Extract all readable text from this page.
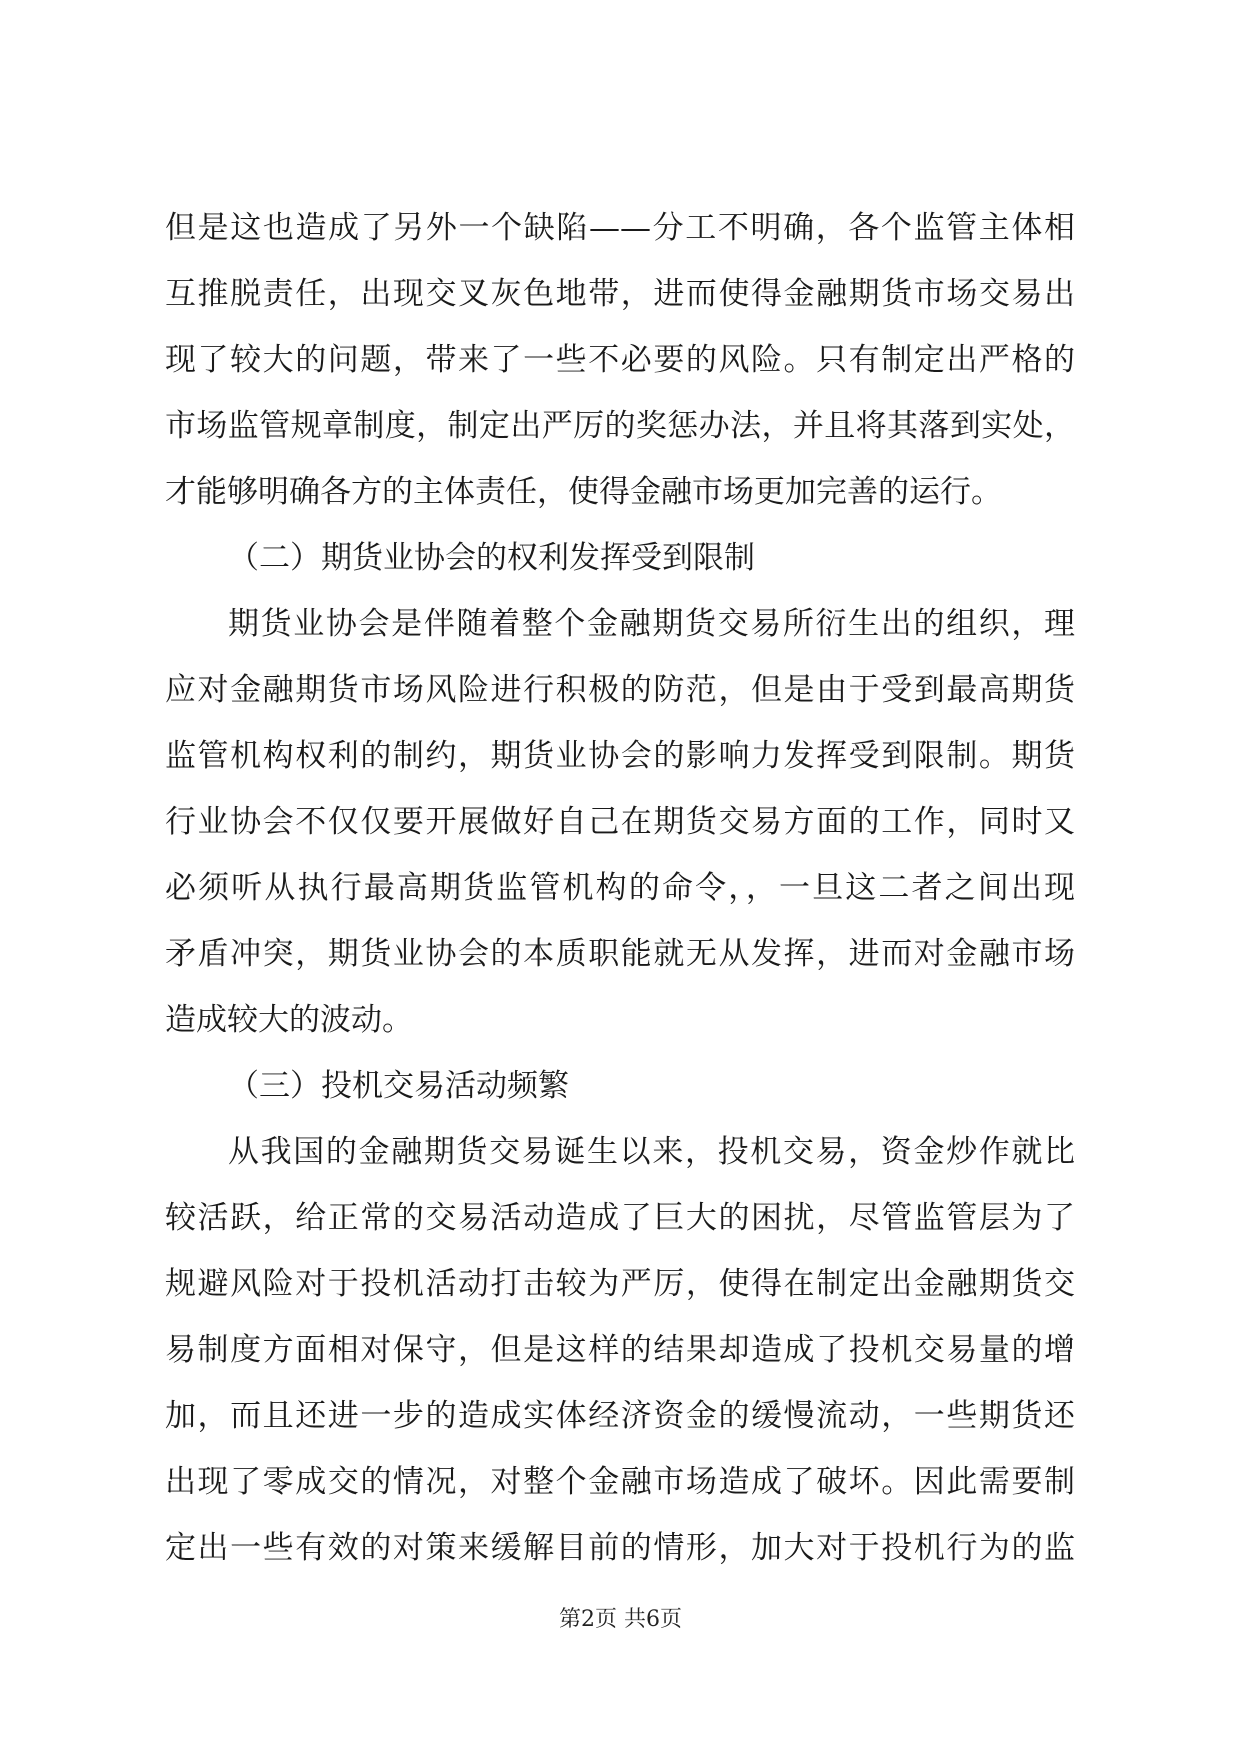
但是这也造成了另外一个缺陷——分工不明确，各个监管主体相
互推脱责任，出现交叉灰色地带，进而使得金融期货市场交易出
现了较大的问题，带来了一些不必要的风险。只有制定出严格的
市场监管规章制度，制定出严厉的奖惩办法，并且将其落到实处，
才能够明确各方的主体责任，使得金融市场更加完善的运行。
（二）期货业协会的权利发挥受到限制
期货业协会是伴随着整个金融期货交易所衍生出的组织，理
应对金融期货市场风险进行积极的防范，但是由于受到最高期货
监管机构权利的制约，期货业协会的影响力发挥受到限制。期货
行业协会不仅仅要开展做好自己在期货交易方面的工作，同时又
必须听从执行最高期货监管机构的命令，，一旦这二者之间出现
矛盾冲突，期货业协会的本质职能就无从发挥，进而对金融市场
造成较大的波动。
（三）投机交易活动频繁
从我国的金融期货交易诞生以来，投机交易，资金炒作就比
较活跃，给正常的交易活动造成了巨大的困扰，尽管监管层为了
规避风险对于投机活动打击较为严厉，使得在制定出金融期货交
易制度方面相对保守，但是这样的结果却造成了投机交易量的增
加，而且还进一步的造成实体经济资金的缓慢流动，一些期货还
出现了零成交的情况，对整个金融市场造成了破坏。因此需要制
定出一些有效的对策来缓解目前的情形，加大对于投机行为的监
第2页 共6页
